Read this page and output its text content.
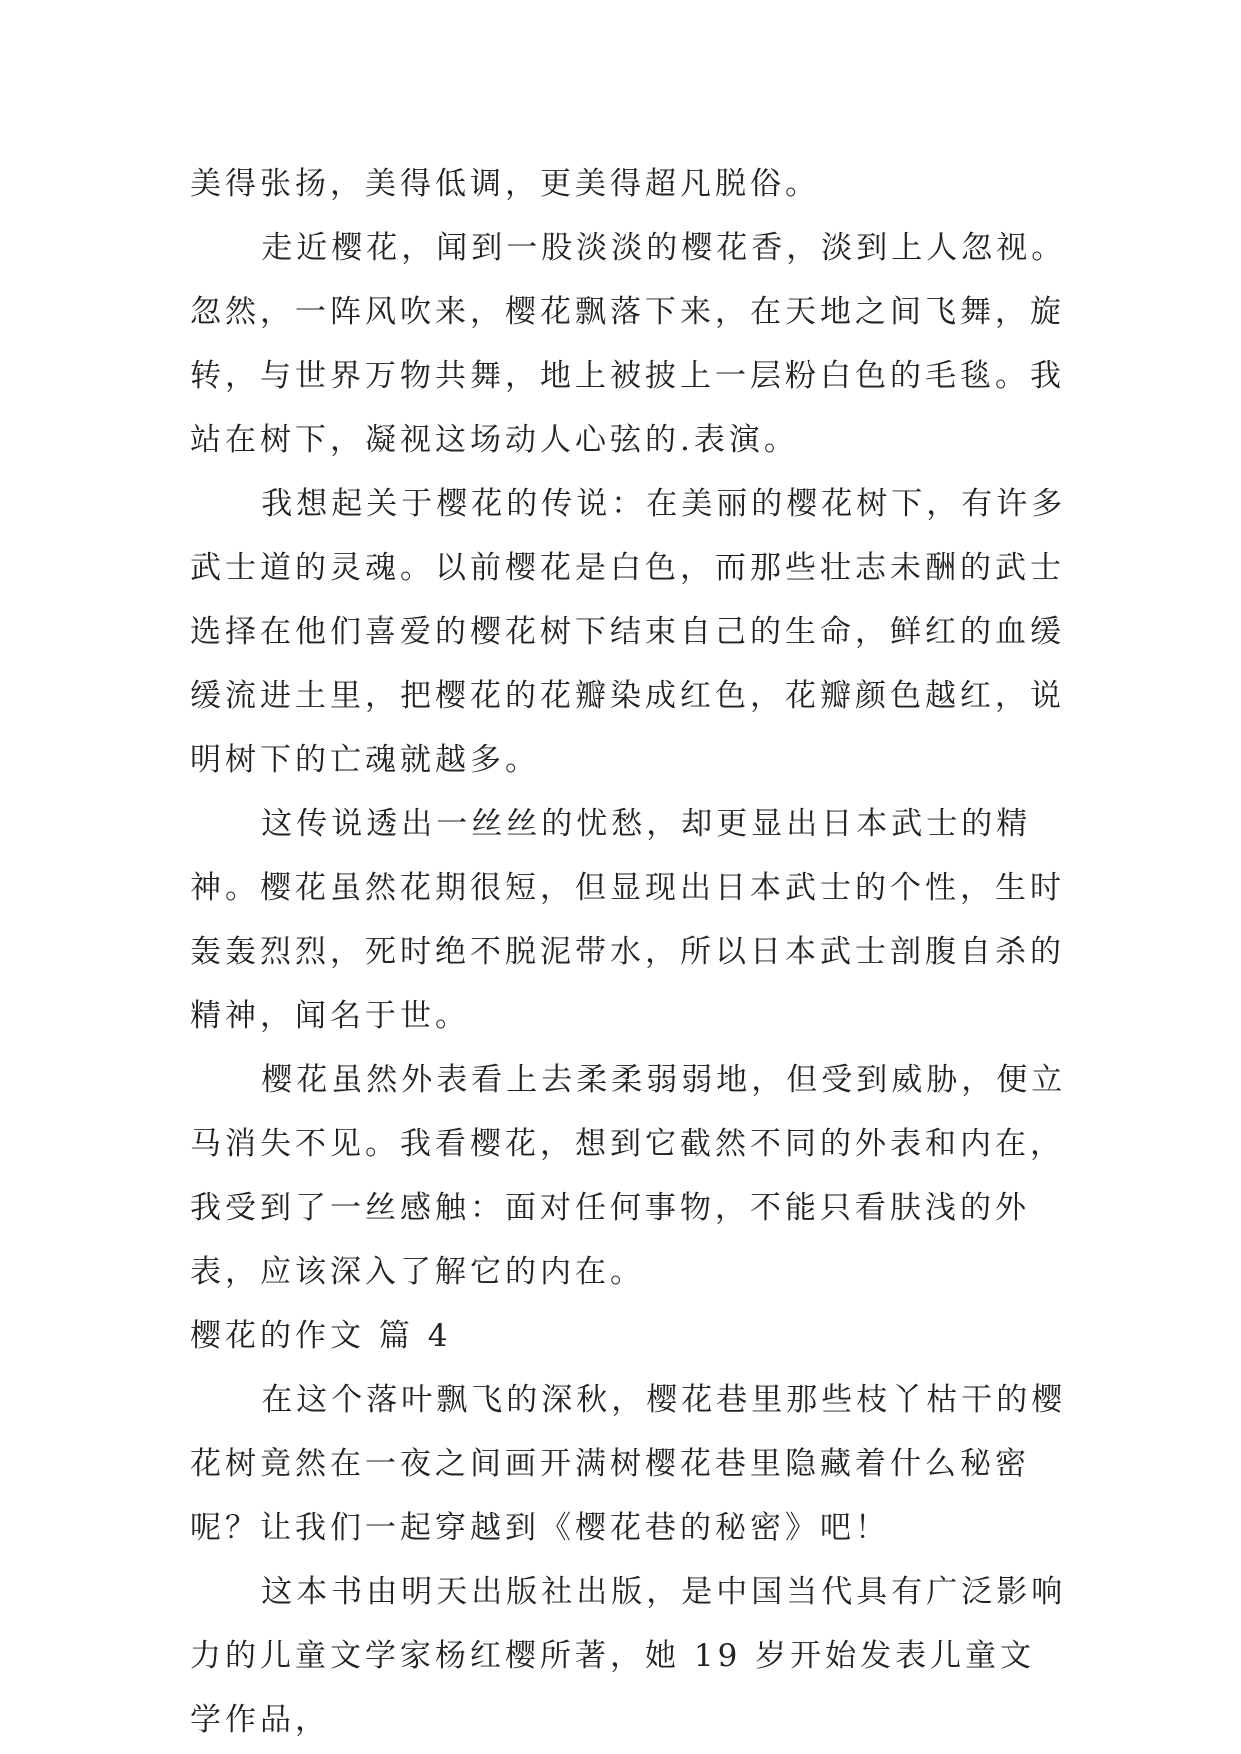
美得张扬，美得低调，更美得超凡脱俗。

走近樱花，闻到一股淡淡的樱花香，淡到上人忽视。忽然，一阵风吹来，樱花飘落下来，在天地之间飞舞，旋转，与世界万物共舞，地上被披上一层粉白色的毛毯。我站在树下，凝视这场动人心弦的.表演。

我想起关于樱花的传说：在美丽的樱花树下，有许多武士道的灵魂。以前樱花是白色，而那些壮志未酬的武士选择在他们喜爱的樱花树下结束自己的生命，鲜红的血缓缓流进土里，把樱花的花瓣染成红色，花瓣颜色越红，说明树下的亡魂就越多。

这传说透出一丝丝的忧愁，却更显出日本武士的精神。樱花虽然花期很短，但显现出日本武士的个性，生时轰轰烈烈，死时绝不脱泥带水，所以日本武士剖腹自杀的精神，闻名于世。

樱花虽然外表看上去柔柔弱弱地，但受到威胁，便立马消失不见。我看樱花，想到它截然不同的外表和内在，我受到了一丝感触：面对任何事物，不能只看肤浅的外表，应该深入了解它的内在。

樱花的作文 篇 4

在这个落叶飘飞的深秋，樱花巷里那些枝丫枯干的樱花树竟然在一夜之间画开满树樱花巷里隐藏着什么秘密呢？让我们一起穿越到《樱花巷的秘密》吧！

这本书由明天出版社出版，是中国当代具有广泛影响力的儿童文学家杨红樱所著，她 19 岁开始发表儿童文学作品，
